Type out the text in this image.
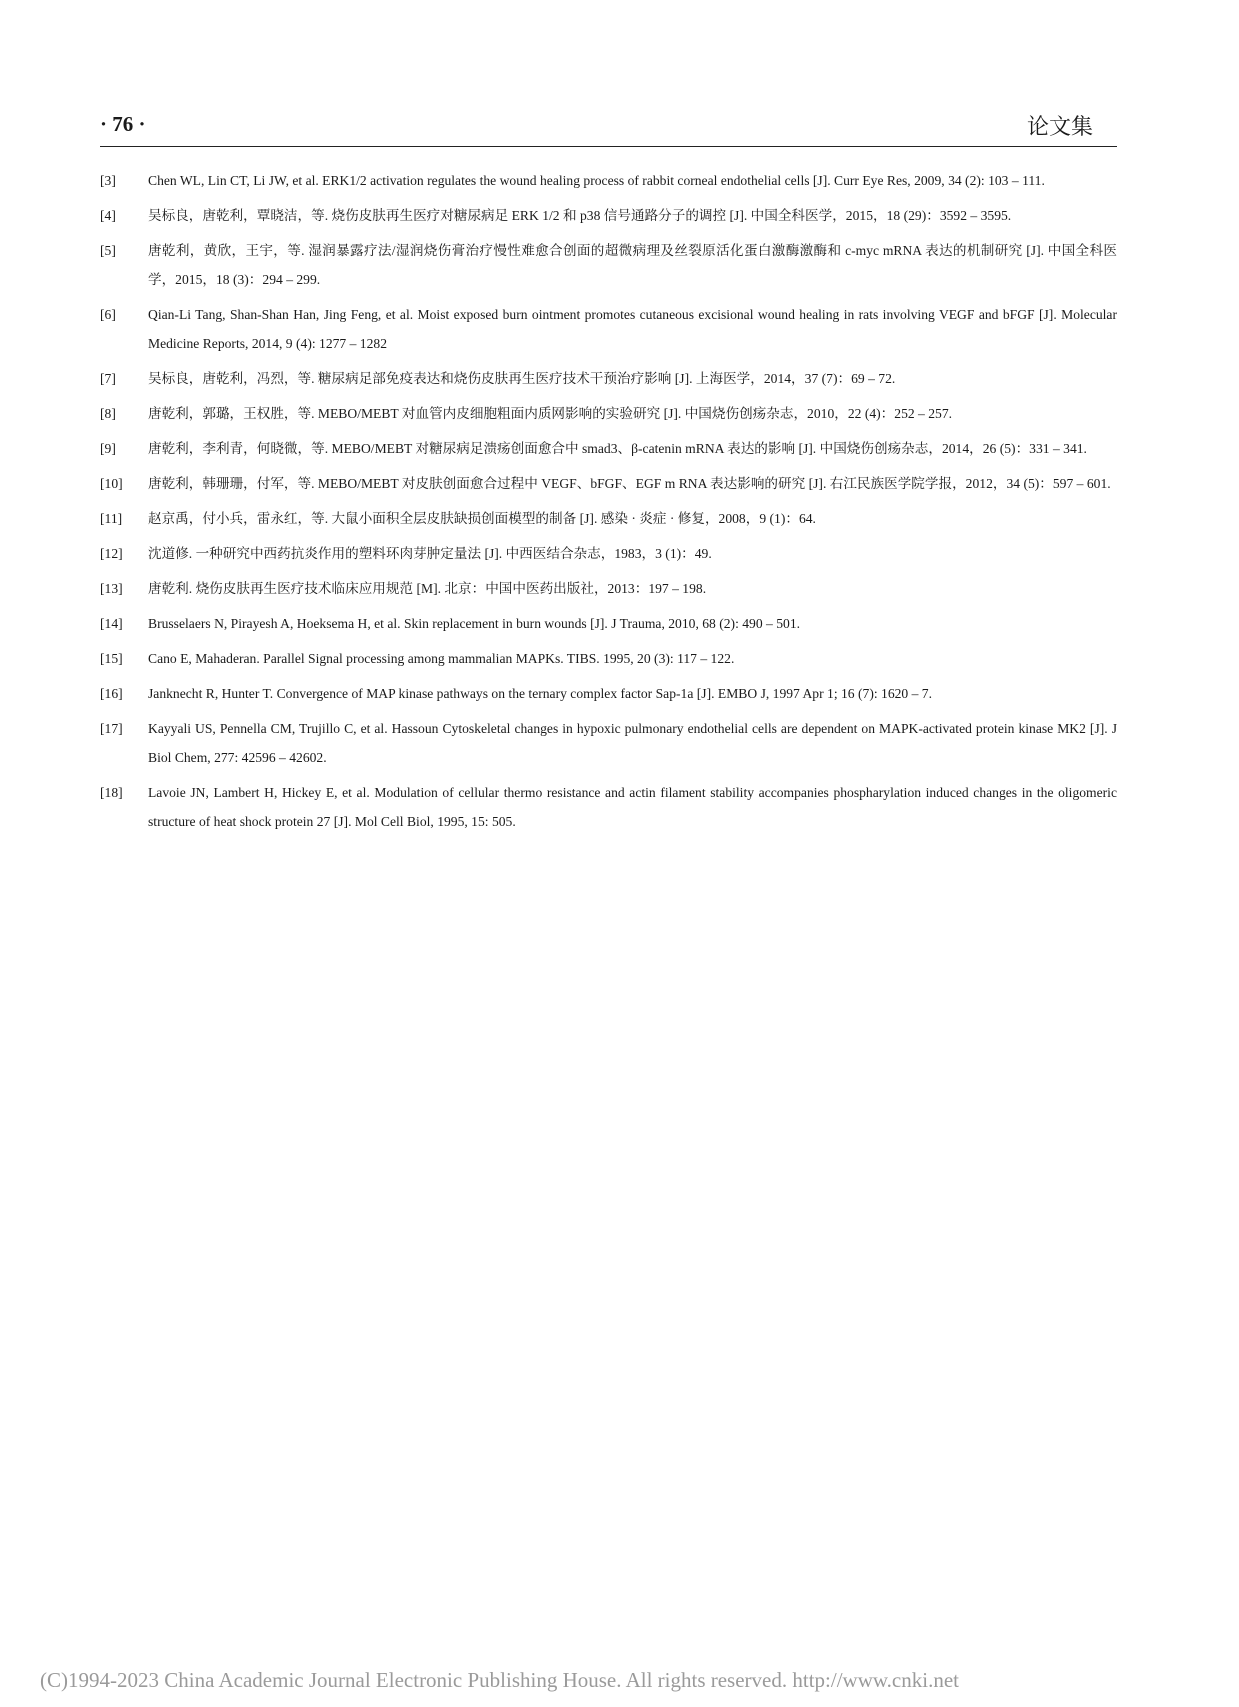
· 76 ·	论文集
[3] Chen WL, Lin CT, Li JW, et al. ERK1/2 activation regulates the wound healing process of rabbit corneal endothelial cells [J]. Curr Eye Res, 2009, 34 (2): 103 – 111.
[4] 吴标良，唐乾利，覃晓洁，等. 烧伤皮肤再生医疗对糖尿病足 ERK 1/2 和 p38 信号通路分子的调控 [J]. 中国全科医学，2015，18 (29)：3592 – 3595.
[5] 唐乾利，黄欣，王宇，等. 湿润暴露疗法/湿润烧伤膏治疗慢性难愈合创面的超微病理及丝裂原活化蛋白激酶激酶和 c-myc mRNA 表达的机制研究 [J]. 中国全科医学，2015，18 (3)：294 – 299.
[6] Qian-Li Tang, Shan-Shan Han, Jing Feng, et al. Moist exposed burn ointment promotes cutaneous excisional wound healing in rats involving VEGF and bFGF [J]. Molecular Medicine Reports, 2014, 9 (4): 1277 – 1282
[7] 吴标良，唐乾利，冯烈，等. 糖尿病足部免疫表达和烧伤皮肤再生医疗技术干预治疗影响 [J]. 上海医学，2014，37 (7)：69 – 72.
[8] 唐乾利，郭璐，王权胜，等. MEBO/MEBT 对血管内皮细胞粗面内质网影响的实验研究 [J]. 中国烧伤创疡杂志，2010，22 (4)：252 – 257.
[9] 唐乾利，李利青，何晓微，等. MEBO/MEBT 对糖尿病足溃疡创面愈合中 smad3、β-catenin mRNA 表达的影响 [J]. 中国烧伤创疡杂志，2014，26 (5)：331 – 341.
[10] 唐乾利，韩珊珊，付军，等. MEBO/MEBT 对皮肤创面愈合过程中 VEGF、bFGF、EGF m RNA 表达影响的研究 [J]. 右江民族医学院学报，2012，34 (5)：597 – 601.
[11] 赵京禹，付小兵，雷永红，等. 大鼠小面积全层皮肤缺损创面模型的制备 [J]. 感染 · 炎症 · 修复，2008，9 (1)：64.
[12] 沈道修. 一种研究中西药抗炎作用的塑料环肉芽肿定量法 [J]. 中西医结合杂志，1983，3 (1)：49.
[13] 唐乾利. 烧伤皮肤再生医疗技术临床应用规范 [M]. 北京：中国中医药出版社，2013：197 – 198.
[14] Brusselaers N, Pirayesh A, Hoeksema H, et al. Skin replacement in burn wounds [J]. J Trauma, 2010, 68 (2): 490 – 501.
[15] Cano E, Mahaderan. Parallel Signal processing among mammalian MAPKs. TIBS. 1995, 20 (3): 117 – 122.
[16] Janknecht R, Hunter T. Convergence of MAP kinase pathways on the ternary complex factor Sap-1a [J]. EMBO J, 1997 Apr 1; 16 (7): 1620 – 7.
[17] Kayyali US, Pennella CM, Trujillo C, et al. Hassoun Cytoskeletal changes in hypoxic pulmonary endothelial cells are dependent on MAPK-activated protein kinase MK2 [J]. J Biol Chem, 277: 42596 – 42602.
[18] Lavoie JN, Lambert H, Hickey E, et al. Modulation of cellular thermo resistance and actin filament stability accompanies phospharylation induced changes in the oligomeric structure of heat shock protein 27 [J]. Mol Cell Biol, 1995, 15: 505.
(C)1994-2023 China Academic Journal Electronic Publishing House. All rights reserved. http://www.cnki.net
